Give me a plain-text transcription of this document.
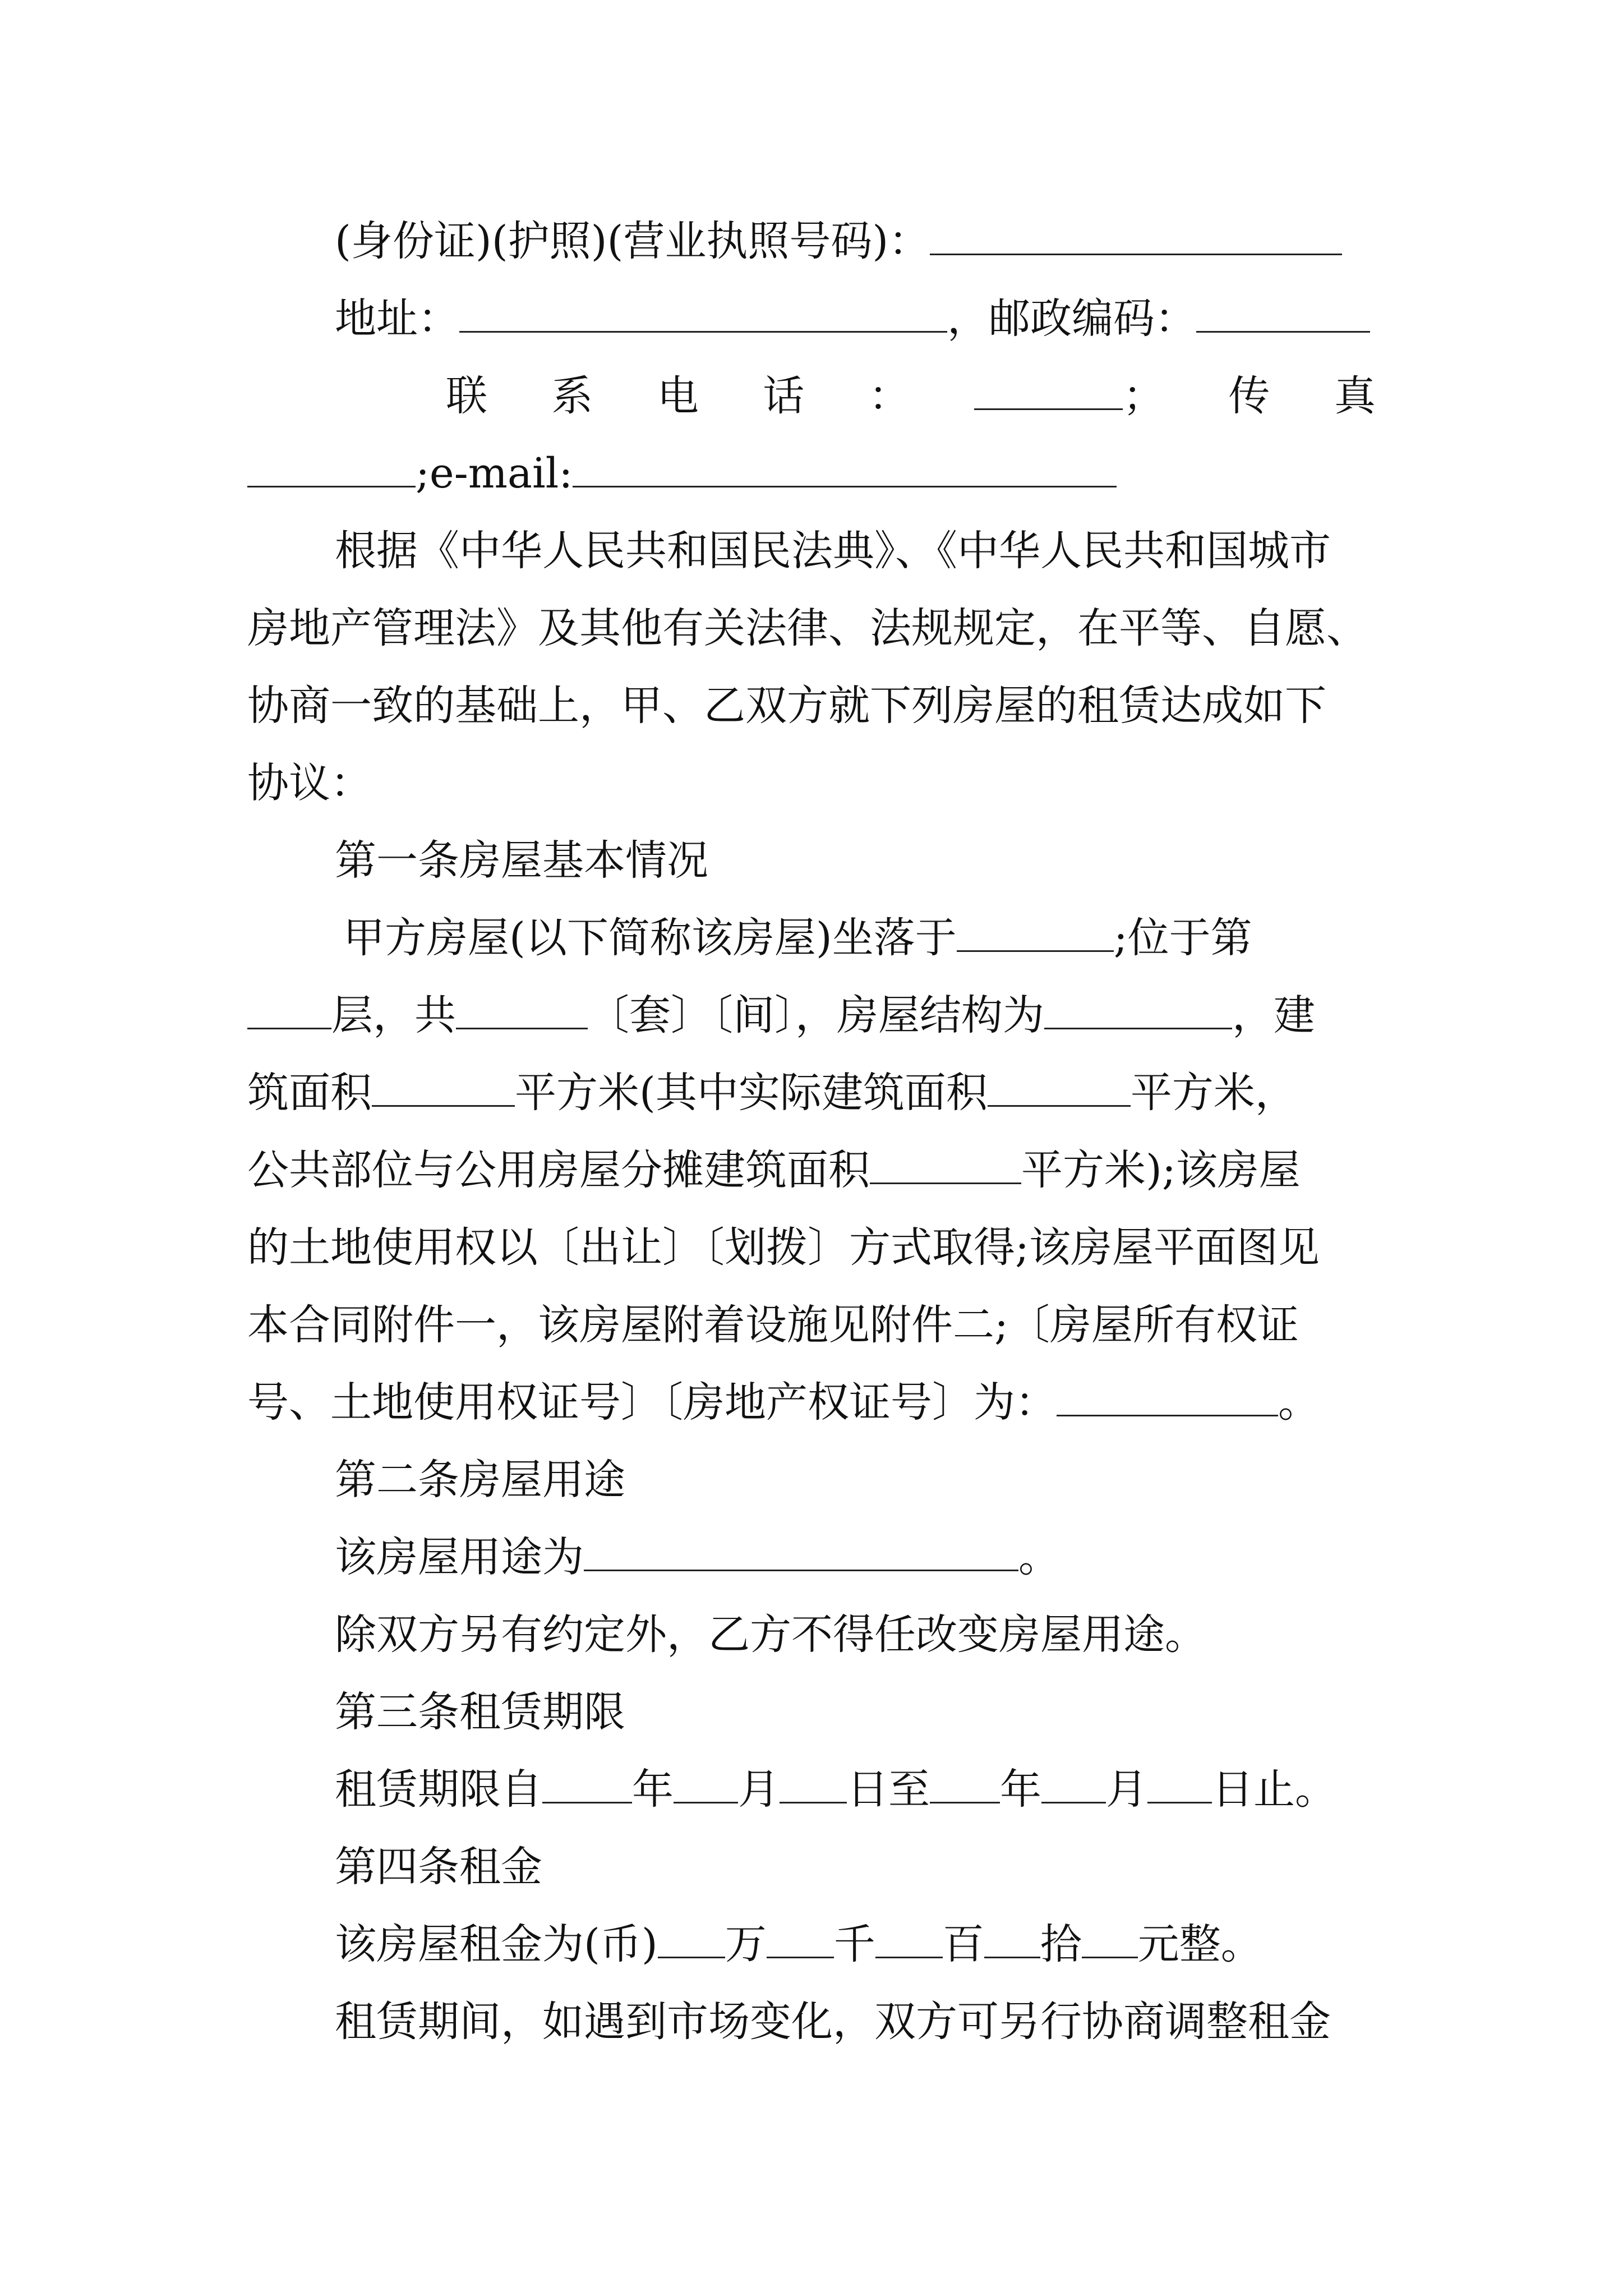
(身份证)(护照)(营业执照号码)：
地址：	，邮政编码：
联 系 电 话 ：	； 传 真
;e-mail:
根据《中华人民共和国民法典》、《中华人民共和国城市
房地产管理法》及其他有关法律、法规规定，在平等、自愿、
协商一致的基础上，甲、乙双方就下列房屋的租赁达成如下
协议：
第一条房屋基本情况
甲方房屋(以下简称该房屋)坐落于	;位于第
层，共	〔套〕〔间〕，房屋结构为	，建
筑面积	平方米(其中实际建筑面积	平方米，
公共部位与公用房屋分摊建筑面积	平方米);该房屋
的土地使用权以〔出让〕〔划拨〕方式取得;该房屋平面图见
本合同附件一，该房屋附着设施见附件二;〔房屋所有权证
号、土地使用权证号〕〔房地产权证号〕为：	。
第二条房屋用途
该房屋用途为	。
除双方另有约定外，乙方不得任改变房屋用途。
第三条租赁期限
租赁期限自 年 月 日至 年 月 日止。
第四条租金
该房屋租金为(币) 万 千 百 拾 元整。
租赁期间，如遇到市场变化，双方可另行协商调整租金
